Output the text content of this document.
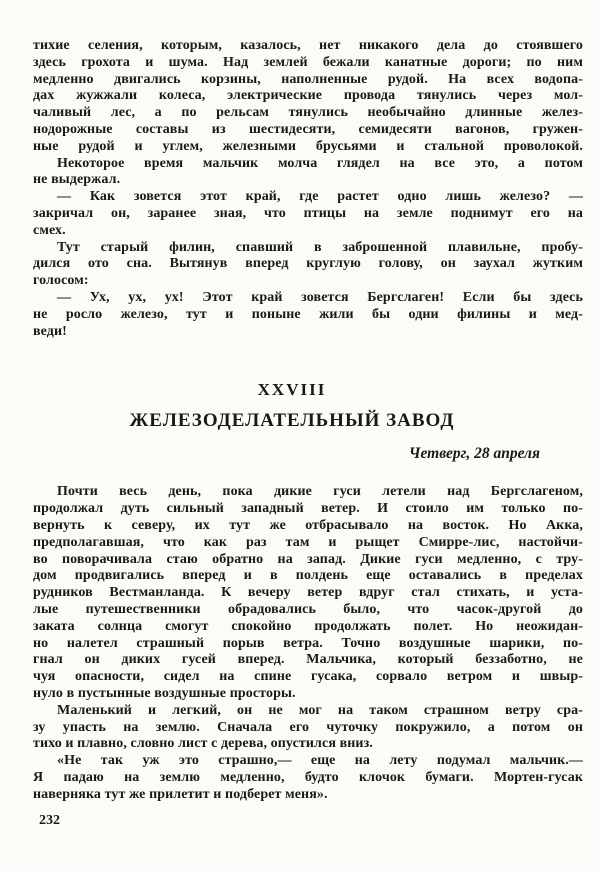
тихие селения, которым, казалось, нет никакого дела до стоявшего
здесь грохота и шума. Над землей бежали канатные дороги; по ним
медленно двигались корзины, наполненные рудой. На всех водопа-
дах жужжали колеса, электрические провода тянулись через мол-
чаливый лес, а по рельсам тянулись необычайно длинные желез-
нодорожные составы из шестидесяти, семидесяти вагонов, гружен-
ные рудой и углем, железными брусьями и стальной проволокой.
Некоторое время мальчик молча глядел на все это, а потом
не выдержал.
— Как зовется этот край, где растет одно лишь железо? —
закричал он, заранее зная, что птицы на земле поднимут его на
смех.
Тут старый филин, спавший в заброшенной плавильне, пробу-
дился ото сна. Вытянув вперед круглую голову, он заухал жутким
голосом:
— Ух, ух, ух! Этот край зовется Бергслаген! Если бы здесь
не росло железо, тут и поныне жили бы одни филины и мед-
веди!
XXVIII
ЖЕЛЕЗОДЕЛАТЕЛЬНЫЙ ЗАВОД
Четверг, 28 апреля
Почти весь день, пока дикие гуси летели над Бергслагеном,
продолжал дуть сильный западный ветер. И стоило им только по-
вернуть к северу, их тут же отбрасывало на восток. Но Акка,
предполагавшая, что как раз там и рыщет Смирре-лис, настойчи-
во поворачивала стаю обратно на запад. Дикие гуси медленно, с тру-
дом продвигались вперед и в полдень еще оставались в пределах
рудников Вестманланда. К вечеру ветер вдруг стал стихать, и уста-
лые путешественники обрадовались было, что часок-другой до
заката солнца смогут спокойно продолжать полет. Но неожидан-
но налетел страшный порыв ветра. Точно воздушные шарики, по-
гнал он диких гусей вперед. Мальчика, который беззаботно, не
чуя опасности, сидел на спине гусака, сорвало ветром и швыр-
нуло в пустынные воздушные просторы.
Маленький и легкий, он не мог на таком страшном ветру сра-
зу упасть на землю. Сначала его чуточку покружило, а потом он
тихо и плавно, словно лист с дерева, опустился вниз.
«Не так уж это страшно,— еще на лету подумал мальчик.—
Я падаю на землю медленно, будто клочок бумаги. Мортен-гусак
наверняка тут же прилетит и подберет меня».
232
